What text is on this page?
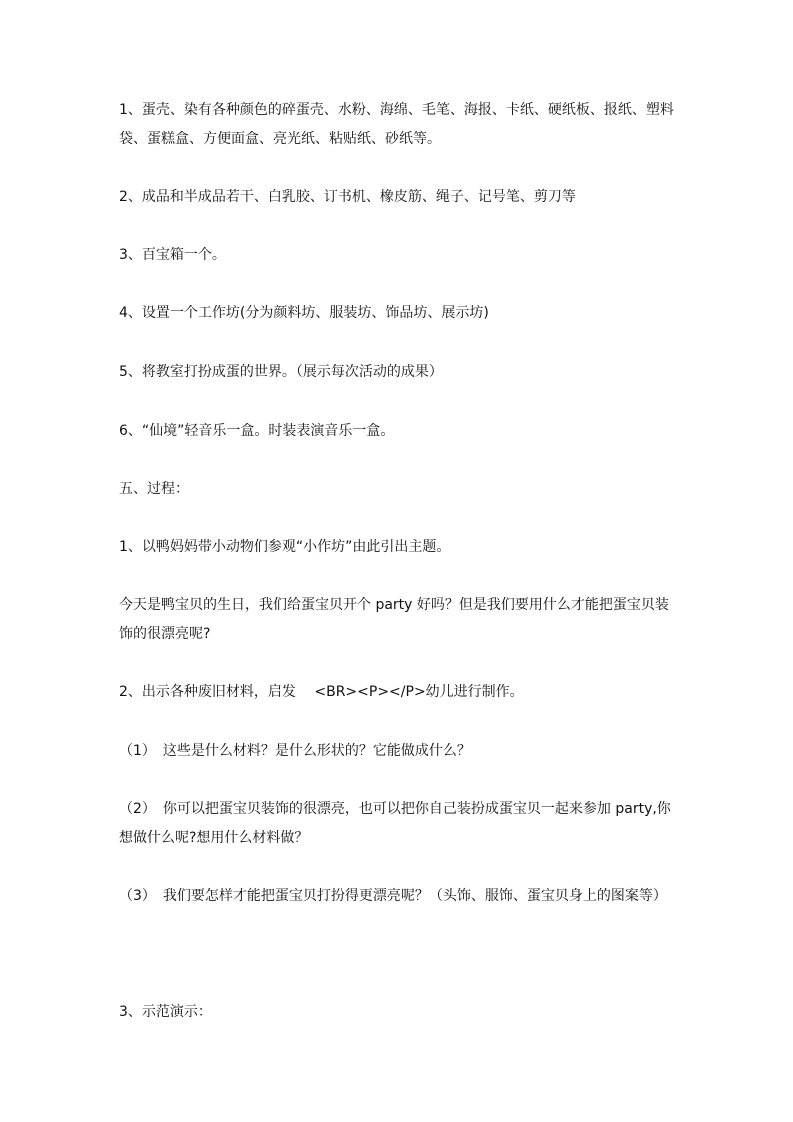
1、蛋壳、染有各种颜色的碎蛋壳、水粉、海绵、毛笔、海报、卡纸、硬纸板、报纸、塑料袋、蛋糕盒、方便面盒、亮光纸、粘贴纸、砂纸等。

2、成品和半成品若干、白乳胶、订书机、橡皮筋、绳子、记号笔、剪刀等

3、百宝箱一个。

4、设置一个工作坊(分为颜料坊、服装坊、饰品坊、展示坊)

5、将教室打扮成蛋的世界。（展示每次活动的成果）

6、“仙境”轻音乐一盒。时装表演音乐一盒。

五、过程：

1、以鸭妈妈带小动物们参观“小作坊”由此引出主题。

今天是鸭宝贝的生日，我们给蛋宝贝开个 party 好吗？但是我们要用什么才能把蛋宝贝装饰的很漂亮呢?

2、出示各种废旧材料，启发　 <BR><P></P>幼儿进行制作。

（1）　这些是什么材料？是什么形状的？它能做成什么？

（2）　你可以把蛋宝贝装饰的很漂亮，也可以把你自己装扮成蛋宝贝一起来参加 party,你想做什么呢?想用什么材料做？

（3）　我们要怎样才能把蛋宝贝打扮得更漂亮呢？（头饰、服饰、蛋宝贝身上的图案等）

3、示范演示：
